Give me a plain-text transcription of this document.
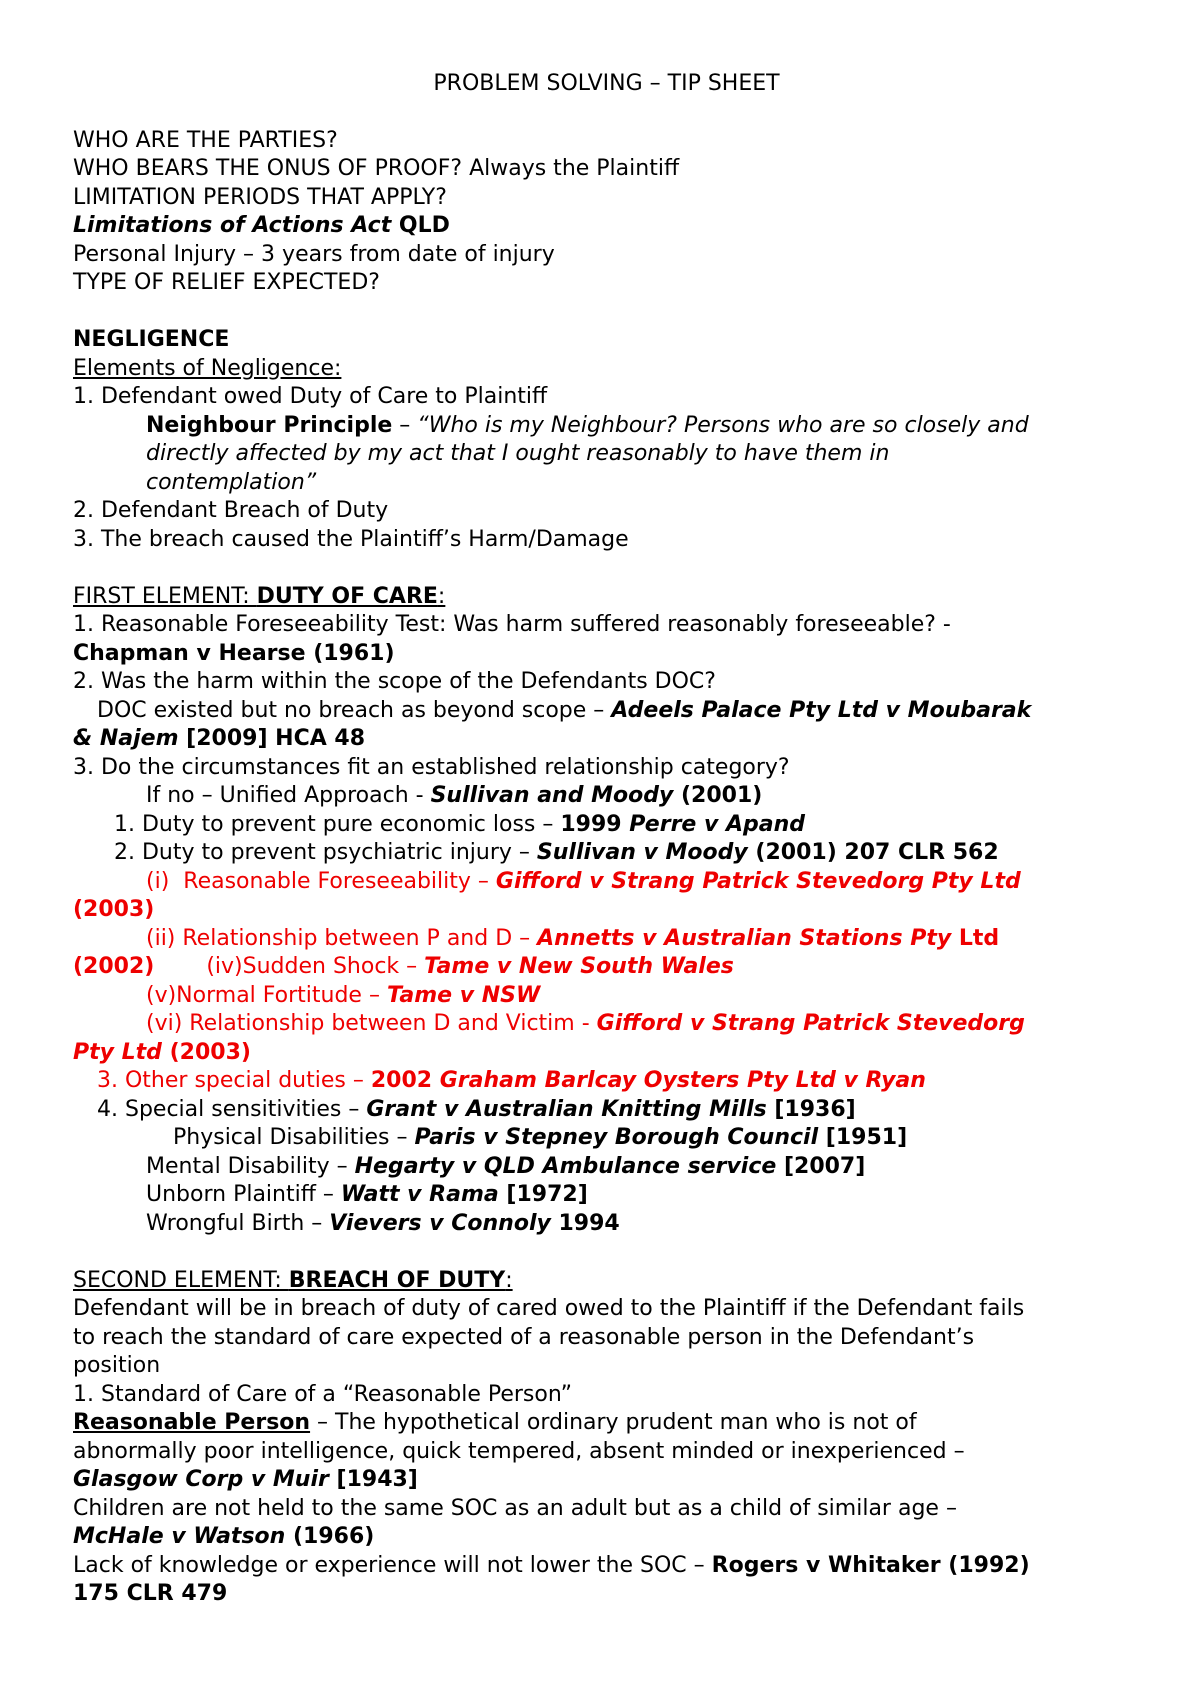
PROBLEM SOLVING – TIP SHEET
WHO ARE THE PARTIES?
WHO BEARS THE ONUS OF PROOF? Always the Plaintiff
LIMITATION PERIODS THAT APPLY?
Limitations of Actions Act QLD
Personal Injury – 3 years from date of injury
TYPE OF RELIEF EXPECTED?
NEGLIGENCE
Elements of Negligence:
1. Defendant owed Duty of Care to Plaintiff
Neighbour Principle – “Who is my Neighbour? Persons who are so closely and
directly affected by my act that I ought reasonably to have them in
contemplation”
2. Defendant Breach of Duty
3. The breach caused the Plaintiff’s Harm/Damage
FIRST ELEMENT: DUTY OF CARE:
1. Reasonable Foreseeability Test: Was harm suffered reasonably foreseeable? -
Chapman v Hearse (1961)
2. Was the harm within the scope of the Defendants DOC?
DOC existed but no breach as beyond scope – Adeels Palace Pty Ltd v Moubarak
& Najem [2009] HCA 48
3. Do the circumstances fit an established relationship category?
If no – Unified Approach - Sullivan and Moody (2001)
1. Duty to prevent pure economic loss – 1999 Perre v Apand
2. Duty to prevent psychiatric injury – Sullivan v Moody (2001) 207 CLR 562
(i)  Reasonable Foreseeability – Gifford v Strang Patrick Stevedorg Pty Ltd
(2003)
(ii) Relationship between P and D – Annetts v Australian Stations Pty Ltd
(2002) (iv)Sudden Shock – Tame v New South Wales
(v)Normal Fortitude – Tame v NSW
(vi) Relationship between D and Victim - Gifford v Strang Patrick Stevedorg
Pty Ltd (2003)
3. Other special duties – 2002 Graham Barlcay Oysters Pty Ltd v Ryan
4. Special sensitivities – Grant v Australian Knitting Mills [1936]
Physical Disabilities – Paris v Stepney Borough Council [1951]
Mental Disability – Hegarty v QLD Ambulance service [2007]
Unborn Plaintiff – Watt v Rama [1972]
Wrongful Birth – Vievers v Connoly 1994
SECOND ELEMENT: BREACH OF DUTY:
Defendant will be in breach of duty of cared owed to the Plaintiff if the Defendant fails
to reach the standard of care expected of a reasonable person in the Defendant’s
position
1. Standard of Care of a “Reasonable Person”
Reasonable Person – The hypothetical ordinary prudent man who is not of
abnormally poor intelligence, quick tempered, absent minded or inexperienced –
Glasgow Corp v Muir [1943]
Children are not held to the same SOC as an adult but as a child of similar age –
McHale v Watson (1966)
Lack of knowledge or experience will not lower the SOC – Rogers v Whitaker (1992)
175 CLR 479
